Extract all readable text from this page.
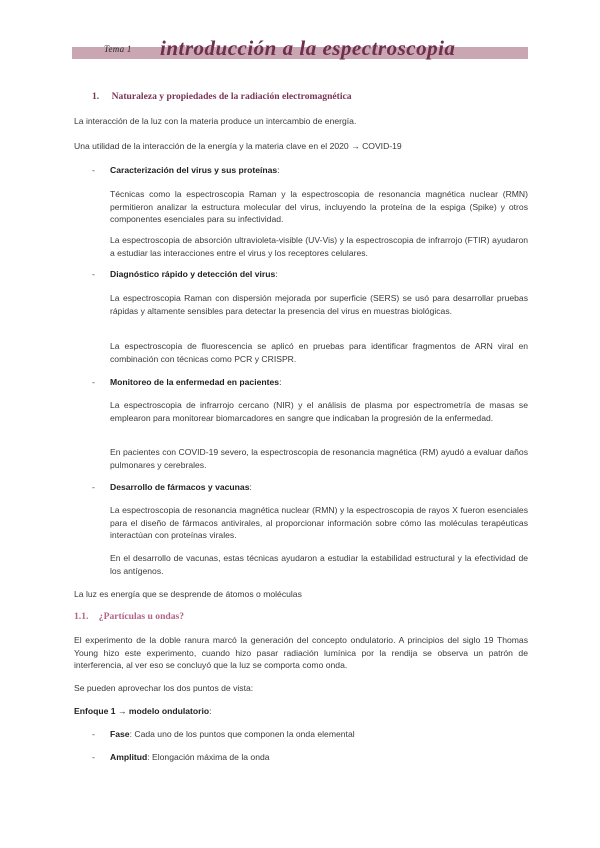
Tema 1 introducción a la espectroscopia
1. Naturaleza y propiedades de la radiación electromagnética
La interacción de la luz con la materia produce un intercambio de energía.
Una utilidad de la interacción de la energía y la materia clave en el 2020 → COVID-19
- Caracterización del virus y sus proteínas:
Técnicas como la espectroscopia Raman y la espectroscopia de resonancia magnética nuclear (RMN) permitieron analizar la estructura molecular del virus, incluyendo la proteína de la espiga (Spike) y otros componentes esenciales para su infectividad.
La espectroscopia de absorción ultravioleta-visible (UV-Vis) y la espectroscopia de infrarrojo (FTIR) ayudaron a estudiar las interacciones entre el virus y los receptores celulares.
- Diagnóstico rápido y detección del virus:
La espectroscopia Raman con dispersión mejorada por superficie (SERS) se usó para desarrollar pruebas rápidas y altamente sensibles para detectar la presencia del virus en muestras biológicas.
La espectroscopia de fluorescencia se aplicó en pruebas para identificar fragmentos de ARN viral en combinación con técnicas como PCR y CRISPR.
- Monitoreo de la enfermedad en pacientes:
La espectroscopia de infrarrojo cercano (NIR) y el análisis de plasma por espectrometría de masas se emplearon para monitorear biomarcadores en sangre que indicaban la progresión de la enfermedad.
En pacientes con COVID-19 severo, la espectroscopia de resonancia magnética (RM) ayudó a evaluar daños pulmonares y cerebrales.
- Desarrollo de fármacos y vacunas:
La espectroscopia de resonancia magnética nuclear (RMN) y la espectroscopia de rayos X fueron esenciales para el diseño de fármacos antivirales, al proporcionar información sobre cómo las moléculas terapéuticas interactúan con proteínas virales.
En el desarrollo de vacunas, estas técnicas ayudaron a estudiar la estabilidad estructural y la efectividad de los antígenos.
La luz es energía que se desprende de átomos o moléculas
1.1. ¿Partículas u ondas?
El experimento de la doble ranura marcó la generación del concepto ondulatorio. A principios del siglo 19 Thomas Young hizo este experimento, cuando hizo pasar radiación lumínica por la rendija se observa un patrón de interferencia, al ver eso se concluyó que la luz se comporta como onda.
Se pueden aprovechar los dos puntos de vista:
Enfoque 1 → modelo ondulatorio:
- Fase: Cada uno de los puntos que componen la onda elemental
- Amplitud: Elongación máxima de la onda
